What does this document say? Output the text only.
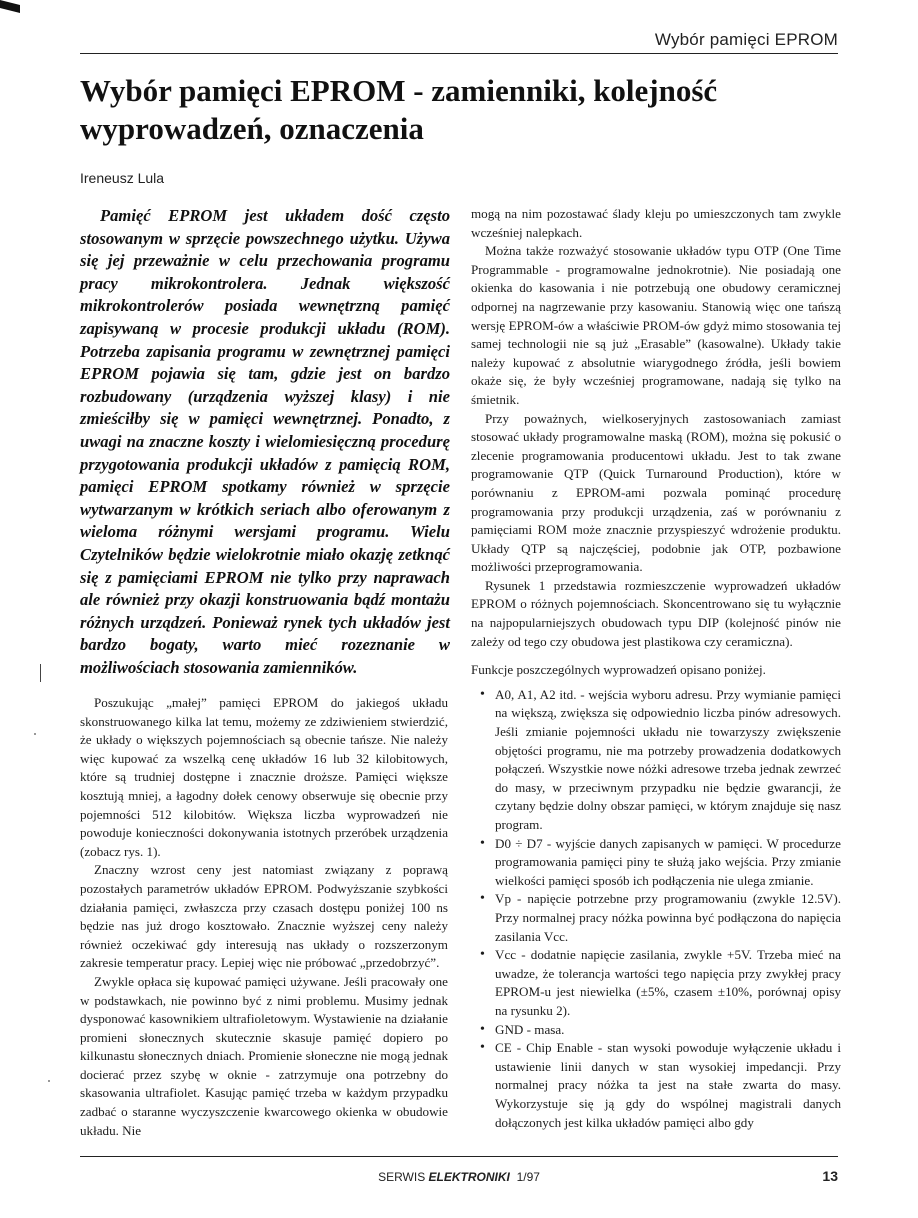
Wybór pamięci EPROM
Wybór pamięci EPROM - zamienniki, kolejność wyprowadzeń, oznaczenia
Ireneusz Lula

Pamięć EPROM jest układem dość często stosowanym w sprzęcie powszechnego użytku. Używa się jej przeważnie w celu przechowania programu pracy mikrokontrolera. Jednak większość mikrokontrolerów posiada wewnętrzną pamięć zapisywaną w procesie produkcji układu (ROM). Potrzeba zapisania programu w zewnętrznej pamięci EPROM pojawia się tam, gdzie jest on bardzo rozbudowany (urządzenia wyższej klasy) i nie zmieściłby się w pamięci wewnętrznej. Ponadto, z uwagi na znaczne koszty i wielomiesięczną procedurę przygotowania produkcji układów z pamięcią ROM, pamięci EPROM spotkamy również w sprzęcie wytwarzanym w krótkich seriach albo oferowanym z wieloma różnymi wersjami programu. Wielu Czytelników będzie wielokrotnie miało okazję zetknąć się z pamięciami EPROM nie tylko przy naprawach ale również przy okazji konstruowania bądź montażu różnych urządzeń. Ponieważ rynek tych układów jest bardzo bogaty, warto mieć rozeznanie w możliwościach stosowania zamienników.

Poszukując „małej” pamięci EPROM do jakiegoś układu skonstruowanego kilka lat temu, możemy ze zdziwieniem stwierdzić, że układy o większych pojemnościach są obecnie tańsze. Nie należy więc kupować za wszelką cenę układów 16 lub 32 kilobitowych, które są trudniej dostępne i znacznie droższe. Pamięci większe kosztują mniej, a łagodny dołek cenowy obserwuje się obecnie przy pojemności 512 kilobitów. Większa liczba wyprowadzeń nie powoduje konieczności dokonywania istotnych przeróbek urządzenia (zobacz rys. 1).

Znaczny wzrost ceny jest natomiast związany z poprawą pozostałych parametrów układów EPROM. Podwyższanie szybkości działania pamięci, zwłaszcza przy czasach dostępu poniżej 100 ns będzie nas już drogo kosztowało. Znacznie wyższej ceny należy również oczekiwać gdy interesują nas układy o rozszerzonym zakresie temperatur pracy. Lepiej więc nie próbować „przedobrzyć”.

Zwykle opłaca się kupować pamięci używane. Jeśli pracowały one w podstawkach, nie powinno być z nimi problemu. Musimy jednak dysponować kasownikiem ultrafioletowym. Wystawienie na działanie promieni słonecznych skutecznie skasuje pamięć dopiero po kilkunastu słonecznych dniach. Promienie słoneczne nie mogą jednak docierać przez szybę w oknie - zatrzymuje ona potrzebny do skasowania ultrafiolet. Kasując pamięć trzeba w każdym przypadku zadbać o staranne wyczyszczenie kwarcowego okienka w obudowie układu. Nie

mogą na nim pozostawać ślady kleju po umieszczonych tam zwykle wcześniej nalepkach.

Można także rozważyć stosowanie układów typu OTP (One Time Programmable - programowalne jednokrotnie). Nie posiadają one okienka do kasowania i nie potrzebują one obudowy ceramicznej odpornej na nagrzewanie przy kasowaniu. Stanowią więc one tańszą wersję EPROM-ów a właściwie PROM-ów gdyż mimo stosowania tej samej technologii nie są już „Erasable” (kasowalne). Układy takie należy kupować z absolutnie wiarygodnego źródła, jeśli bowiem okaże się, że były wcześniej programowane, nadają się tylko na śmietnik.

Przy poważnych, wielkoseryjnych zastosowaniach zamiast stosować układy programowalne maską (ROM), można się pokusić o zlecenie programowania producentowi układu. Jest to tak zwane programowanie QTP (Quick Turnaround Production), które w porównaniu z EPROM-ami pozwala pominąć procedurę programowania przy produkcji urządzenia, zaś w porównaniu z pamięciami ROM może znacznie przyspieszyć wdrożenie produktu. Układy QTP są najczęściej, podobnie jak OTP, pozbawione możliwości przeprogramowania.

Rysunek 1 przedstawia rozmieszczenie wyprowadzeń układów EPROM o różnych pojemnościach. Skoncentrowano się tu wyłącznie na najpopularniejszych obudowach typu DIP (kolejność pinów nie zależy od tego czy obudowa jest plastikowa czy ceramiczna).

Funkcje poszczególnych wyprowadzeń opisano poniżej.

• A0, A1, A2 itd. - wejścia wyboru adresu. Przy wymianie pamięci na większą, zwiększa się odpowiednio liczba pinów adresowych. Jeśli zmianie pojemności układu nie towarzyszy zwiększenie objętości programu, nie ma potrzeby prowadzenia dodatkowych połączeń. Wszystkie nowe nóżki adresowe trzeba jednak zewrzeć do masy, w przeciwnym przypadku nie będzie gwarancji, że czytany będzie dolny obszar pamięci, w którym znajduje się nasz program.
• D0 ÷ D7 - wyjście danych zapisanych w pamięci. W procedurze programowania pamięci piny te służą jako wejścia. Przy zmianie wielkości pamięci sposób ich podłączenia nie ulega zmianie.
• Vp - napięcie potrzebne przy programowaniu (zwykle 12.5V). Przy normalnej pracy nóżka powinna być podłączona do napięcia zasilania Vcc.
• Vcc - dodatnie napięcie zasilania, zwykle +5V. Trzeba mieć na uwadze, że tolerancja wartości tego napięcia przy zwykłej pracy EPROM-u jest niewielka (±5%, czasem ±10%, porównaj opisy na rysunku 2).
• GND - masa.
• CE - Chip Enable - stan wysoki powoduje wyłączenie układu i ustawienie linii danych w stan wysokiej impedancji. Przy normalnej pracy nóżka ta jest na stałe zwarta do masy. Wykorzystuje się ją gdy do wspólnej magistrali danych dołączonych jest kilka układów pamięci albo gdy
SERWIS ELEKTRONIKI 1/97	13
